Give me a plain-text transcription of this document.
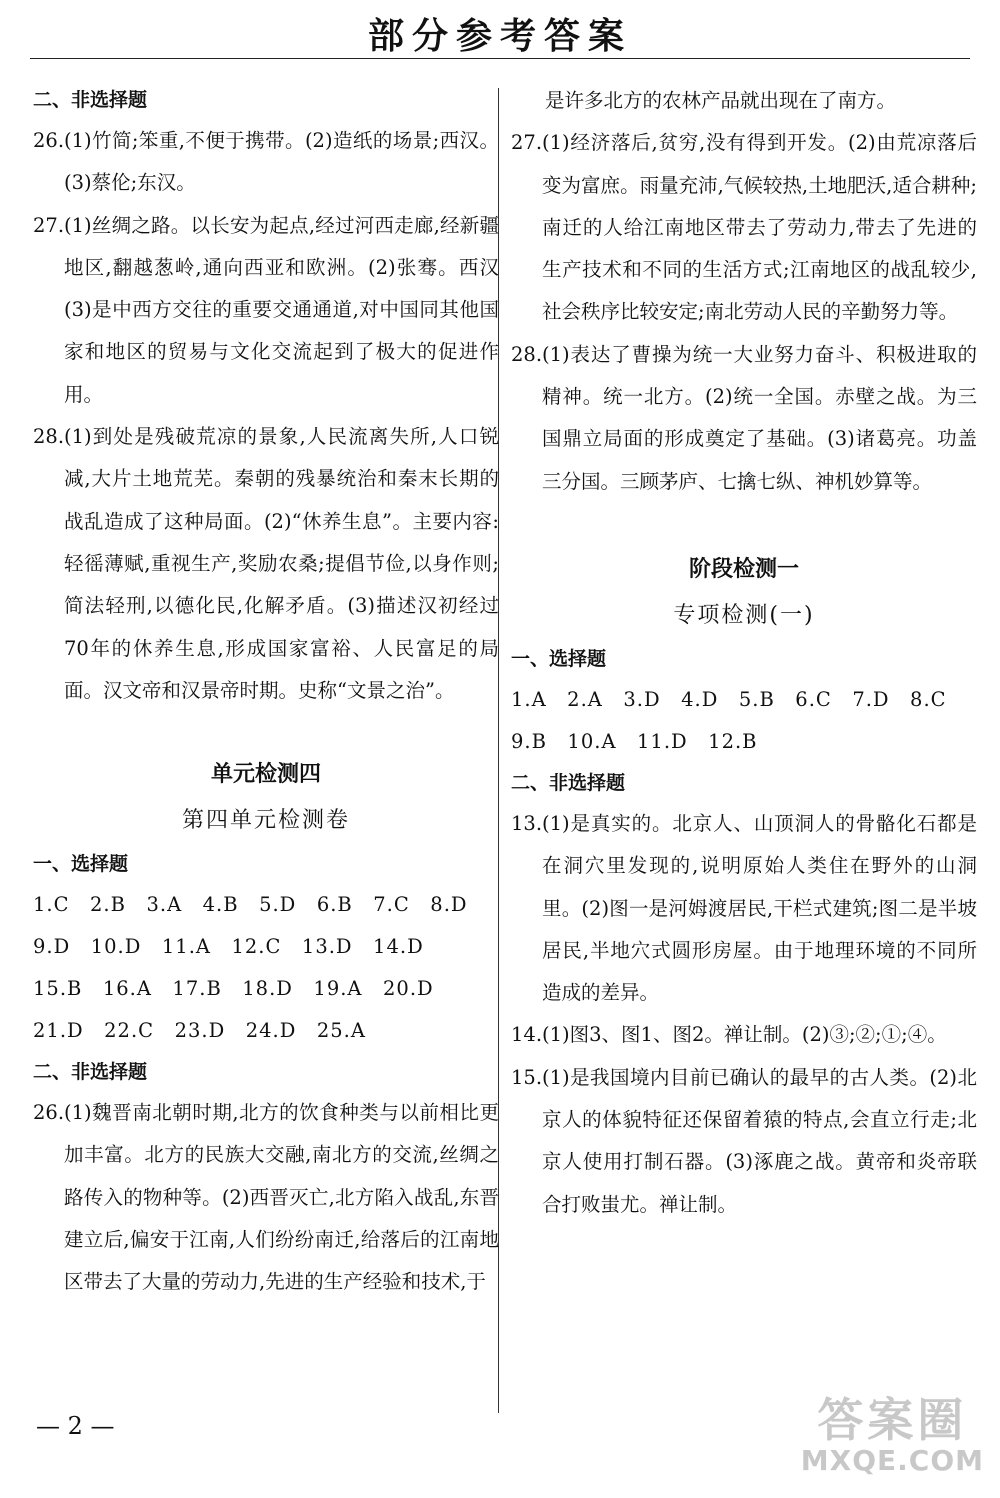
部分参考答案
二、非选择题
26. (1)竹简;笨重,不便于携带。(2)造纸的场景;西汉。(3)蔡伦;东汉。
27. (1)丝绸之路。以长安为起点,经过河西走廊,经新疆地区,翻越葱岭,通向西亚和欧洲。(2)张骞。西汉(3)是中西方交往的重要交通通道,对中国同其他国家和地区的贸易与文化交流起到了极大的促进作用。
28. (1)到处是残破荒凉的景象,人民流离失所,人口锐减,大片土地荒芜。秦朝的残暴统治和秦末长期的战乱造成了这种局面。(2)“休养生息”。主要内容:轻徭薄赋,重视生产,奖励农桑;提倡节俭,以身作则;简法轻刑,以德化民,化解矛盾。(3)描述汉初经过70年的休养生息,形成国家富裕、人民富足的局面。汉文帝和汉景帝时期。史称“文景之治”。
单元检测四
第四单元检测卷
一、选择题
1.C　2.B　3.A　4.B　5.D　6.B　7.C　8.D
9.D　10.D　11.A　12.C　13.D　14.D
15.B　16.A　17.B　18.D　19.A　20.D
21.D　22.C　23.D　24.D　25.A
二、非选择题
26. (1)魏晋南北朝时期,北方的饮食种类与以前相比更加丰富。北方的民族大交融,南北方的交流,丝绸之路传入的物种等。(2)西晋灭亡,北方陷入战乱,东晋建立后,偏安于江南,人们纷纷南迁,给落后的江南地区带去了大量的劳动力,先进的生产经验和技术,于

是许多北方的农林产品就出现在了南方。

27. (1)经济落后,贫穷,没有得到开发。(2)由荒凉落后变为富庶。雨量充沛,气候较热,土地肥沃,适合耕种;南迁的人给江南地区带去了劳动力,带去了先进的生产技术和不同的生活方式;江南地区的战乱较少,社会秩序比较安定;南北劳动人民的辛勤努力等。
28. (1)表达了曹操为统一大业努力奋斗、积极进取的精神。统一北方。(2)统一全国。赤壁之战。为三国鼎立局面的形成奠定了基础。(3)诸葛亮。功盖三分国。三顾茅庐、七擒七纵、神机妙算等。
阶段检测一
专项检测(一)
一、选择题
1.A　2.A　3.D　4.D　5.B　6.C　7.D　8.C
9.B　10.A　11.D　12.B
二、非选择题
13. (1)是真实的。北京人、山顶洞人的骨骼化石都是在洞穴里发现的,说明原始人类住在野外的山洞里。(2)图一是河姆渡居民,干栏式建筑;图二是半坡居民,半地穴式圆形房屋。由于地理环境的不同所造成的差异。
14. (1)图3、图1、图2。禅让制。(2)③;②;①;④。
15. (1)是我国境内目前已确认的最早的古人类。(2)北京人的体貌特征还保留着猿的特点,会直立行走;北京人使用打制石器。(3)涿鹿之战。黄帝和炎帝联合打败蚩尤。禅让制。
— 2 —	答案圈
MXQE.COM
